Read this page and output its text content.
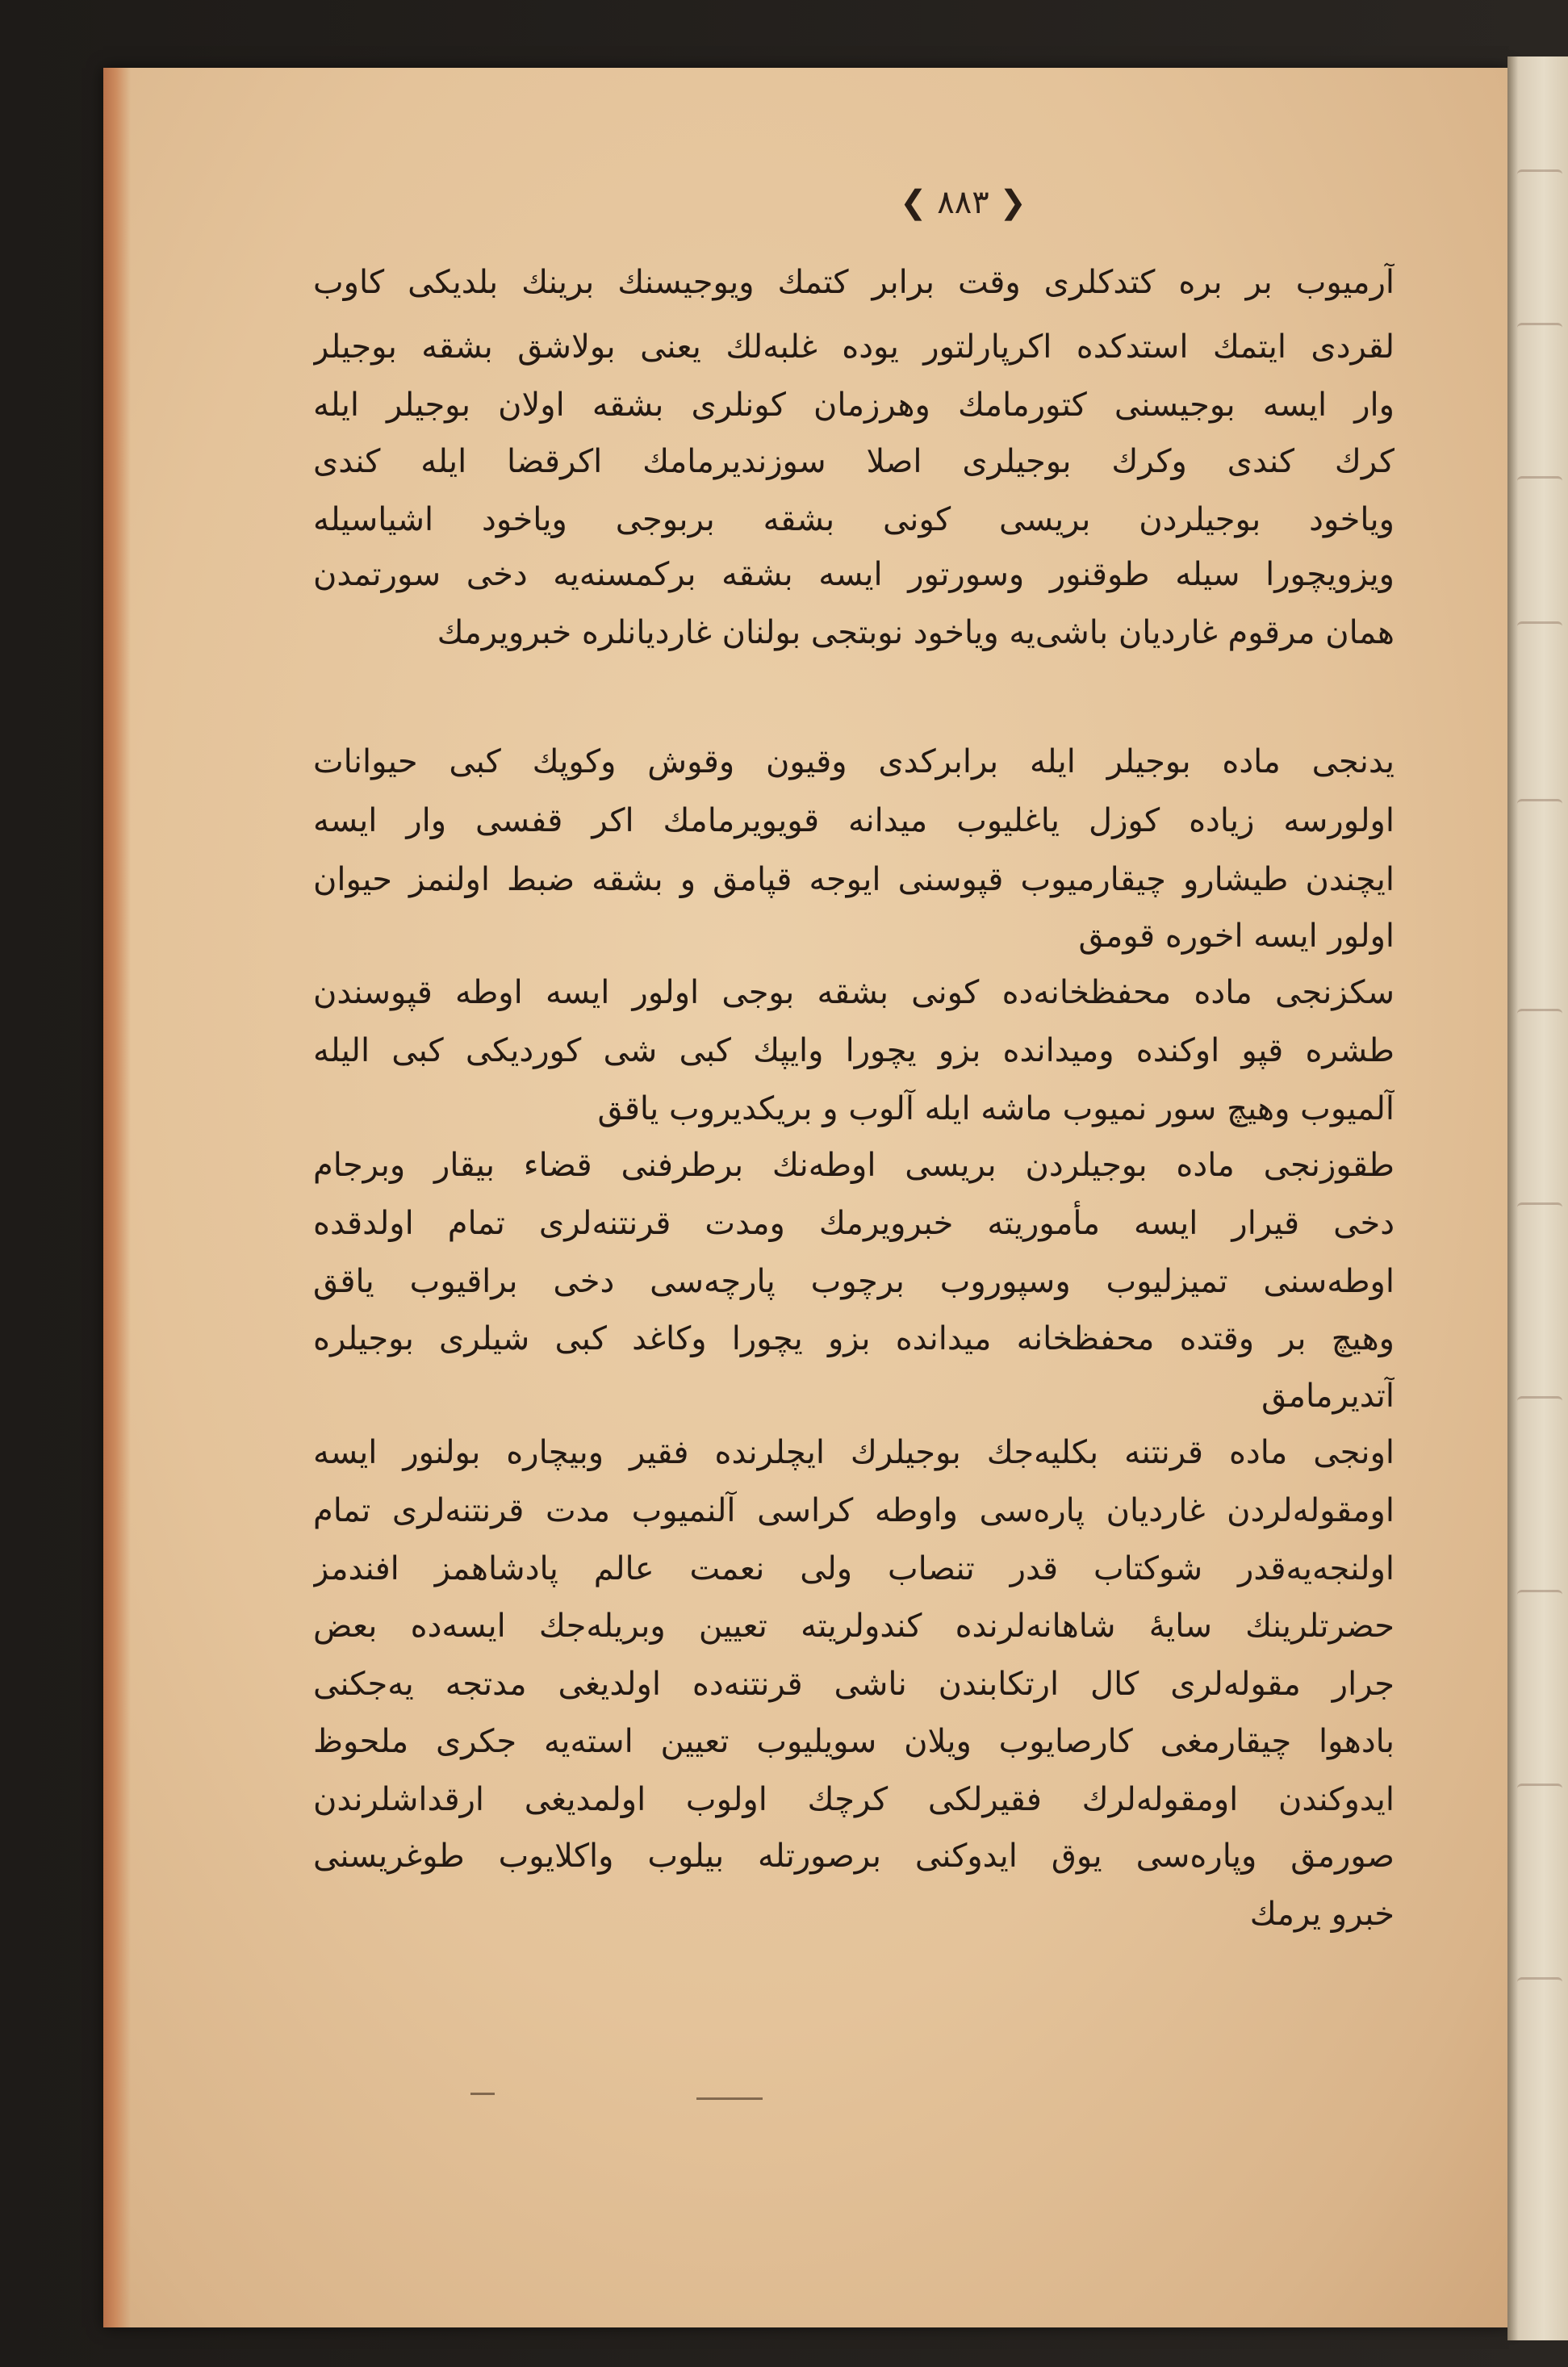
❮ ۸۸۳ ❯
آرمیوب بر بره کتدکلری وقت برابر کتمك ویوجیسنك برینك بلدیکی کاوب
لقردی ایتمك استدکده اکرپارلتور یوده غلبه‌لك یعنی بولاشق بشقه بوجیلر
وار ایسه بوجیسنی کتورمامك وهرزمان کونلری بشقه اولان بوجیلر ایله
کرك کندی وکرك بوجیلری اصلا سوزندیرمامك اکرقضا ایله کندی
ویاخود بوجیلردن بریسی کونی بشقه بربوجی ویاخود اشیاسیله
ویزویچورا سیله طوقنور وسورتور ایسه بشقه برکمسنه‌یه دخی سورتمدن
همان مرقوم غاردیان باشی‌یه ویاخود نوبتجی بولنان غاردیانلره خبرویرمك
یدنجی ماده بوجیلر ایله برابرکدی وقیون وقوش وکوپك کبی حیوانات
اولورسه زیاده کوزل یاغلیوب میدانه قویویرمامك اکر قفسی وار ایسه
ایچندن طیشارو چیقارمیوب قپوسنی ایوجه قپامق و بشقه ضبط اولنمز حیوان
اولور ایسه اخوره قومق
سکزنجی ماده محفظخانه‌ده کونی بشقه بوجی اولور ایسه اوطه قپوسندن
طشره قپو اوکنده ومیدانده بزو یچورا وایپك کبی شی کوردیکی کبی الیله
آلمیوب وهیچ سور نمیوب ماشه ایله آلوب و بریکدیروب یاقق
طقوزنجی ماده بوجیلردن بریسی اوطه‌نك برطرفنی قضاء بیقار وبرجام
دخی قیرار ایسه مأموریته خبرویرمك ومدت قرنتنه‌لری تمام اولدقده
اوطه‌سنی تمیزلیوب وسپوروب برچوب پارچه‌سی دخی براقیوب یاقق
وهیچ بر وقتده محفظخانه میدانده بزو یچورا وکاغد کبی شیلری بوجیلره
آتدیرمامق
اونجی ماده قرنتنه بکلیه‌جك بوجیلرك ایچلرنده فقیر وبیچاره بولنور ایسه
اومقوله‌لردن غاردیان پاره‌سی واوطه کراسی آلنمیوب مدت قرنتنه‌لری تمام
اولنجه‌یه‌قدر شوکتاب قدر تنصاب ولی نعمت عالم پادشاهمز افندمز
حضرتلرینك سایهٔ شاهانه‌لرنده کندولریته تعیین وبریله‌جك ایسه‌ده بعض
جرار مقوله‌لری کال ارتکابندن ناشی قرنتنه‌ده اولدیغی مدتجه یه‌جکنی
بادهوا چیقارمغی کارصایوب ویلان سویلیوب تعیین استه‌یه جکری ملحوظ
ایدوکندن اومقوله‌لرك فقیرلکی کرچك اولوب اولمدیغی ارقداشلرندن
صورمق وپاره‌سی یوق ایدوکنی برصورتله بیلوب واکلایوب طوغریسنی
خبرو یرمك
